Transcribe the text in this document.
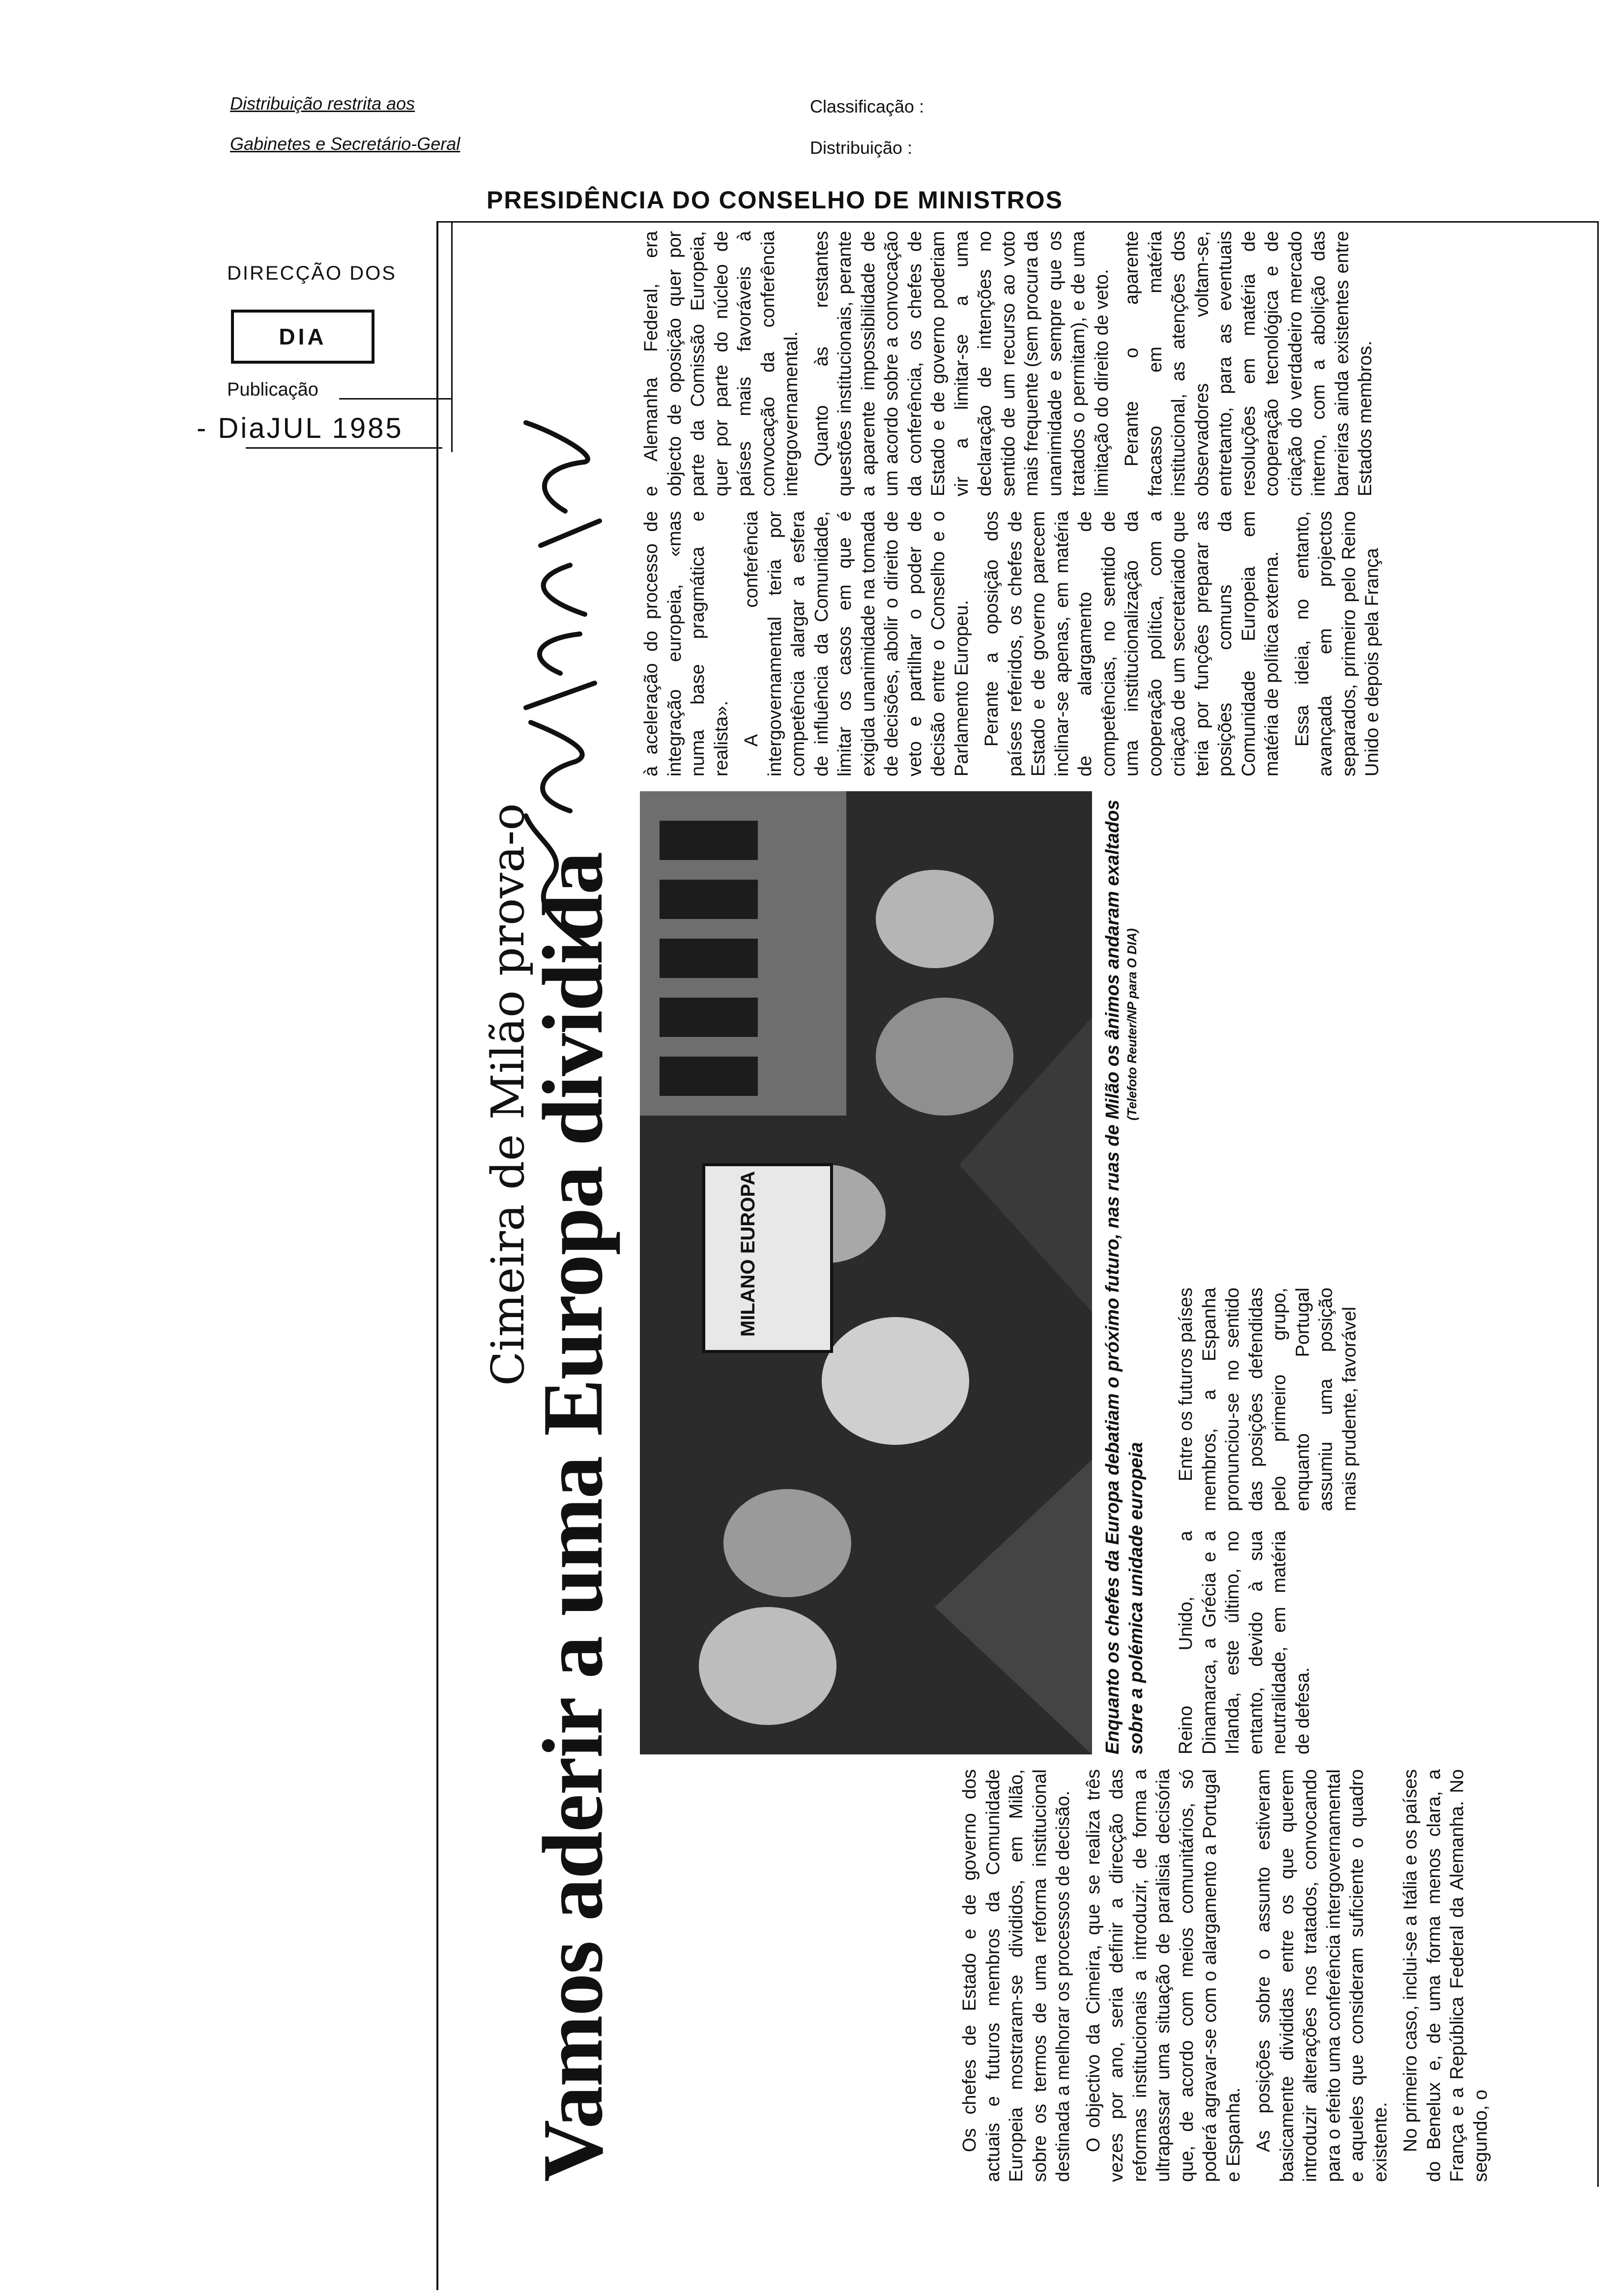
Distribuição restrita aos
Gabinetes e Secretário-Geral
Classificação :
Distribuição :
PRESIDÊNCIA DO CONSELHO DE MINISTROS
DIRECÇÃO DOS
DIA
Publicação
- DiaJUL 1985
Cimeira de Milão prova-o
Vamos aderir a uma Europa dividida	MILANO EUROPA	Enquanto os chefes da Europa debatiam o próximo futuro, nas ruas de Milão os ânimos andaram exaltados sobre a polémica unidade europeia
(Telefoto Reuter/NP para O DIA)

Os chefes de Estado e de governo dos actuais e futuros membros da Comunidade Europeia mostraram-se divididos, em Milão, sobre os termos de uma reforma institucional destinada a melhorar os processos de decisão. O objectivo da Cimeira, que se realiza três vezes por ano, seria definir a direcção das reformas institucionais a introduzir, de forma a ultrapassar uma situação de paralisia decisória que, de acordo com meios comunitários, só poderá agravar-se com o alargamento a Portugal e Espanha. As posições sobre o assunto estiveram basicamente divididas entre os que querem introduzir alterações nos tratados, convocando para o efeito uma conferência intergovernamental e aqueles que consideram suficiente o quadro existente. No primeiro caso, inclui-se a Itália e os países do Benelux e, de uma forma menos clara, a França e a República Federal da Alemanha. No segundo, o

Reino Unido, a Dinamarca, a Grécia e a Irlanda, este último, no entanto, devido à sua neutralidade, em matéria de defesa.

Entre os futuros países membros, a Espanha pronunciou-se no sentido das posições defendidas pelo primeiro grupo, enquanto Portugal assumiu uma posição mais prudente, favorável

à aceleração do processo de integração europeia, «mas numa base pragmática e realista». A conferência intergovernamental teria por competência alargar a esfera de influência da Comunidade, limitar os casos em que é exigida unanimidade na tomada de decisões, abolir o direito de veto e partilhar o poder de decisão entre o Conselho e o Parlamento Europeu. Perante a oposição dos países referidos, os chefes de Estado e de governo parecem inclinar-se apenas, em matéria de alargamento de competências, no sentido de uma institucionalização da cooperação política, com a criação de um secretariado que teria por funções preparar as posições comuns da Comunidade Europeia em matéria de política externa. Essa ideia, no entanto, avançada em projectos separados, primeiro pelo Reino Unido e depois pela França

e Alemanha Federal, era objecto de oposição quer por parte da Comissão Europeia, quer por parte do núcleo de países mais favoráveis à convocação da conferência intergovernamental. Quanto às restantes questões institucionais, perante a aparente impossibilidade de um acordo sobre a convocação da conferência, os chefes de Estado e de governo poderiam vir a limitar-se a uma declaração de intenções no sentido de um recurso ao voto mais frequente (sem procura da unanimidade e sempre que os tratados o permitam), e de uma limitação do direito de veto. Perante o aparente fracasso em matéria institucional, as atenções dos observadores voltam-se, entretanto, para as eventuais resoluções em matéria de cooperação tecnológica e de criação do verdadeiro mercado interno, com a abolição das barreiras ainda existentes entre Estados membros.
